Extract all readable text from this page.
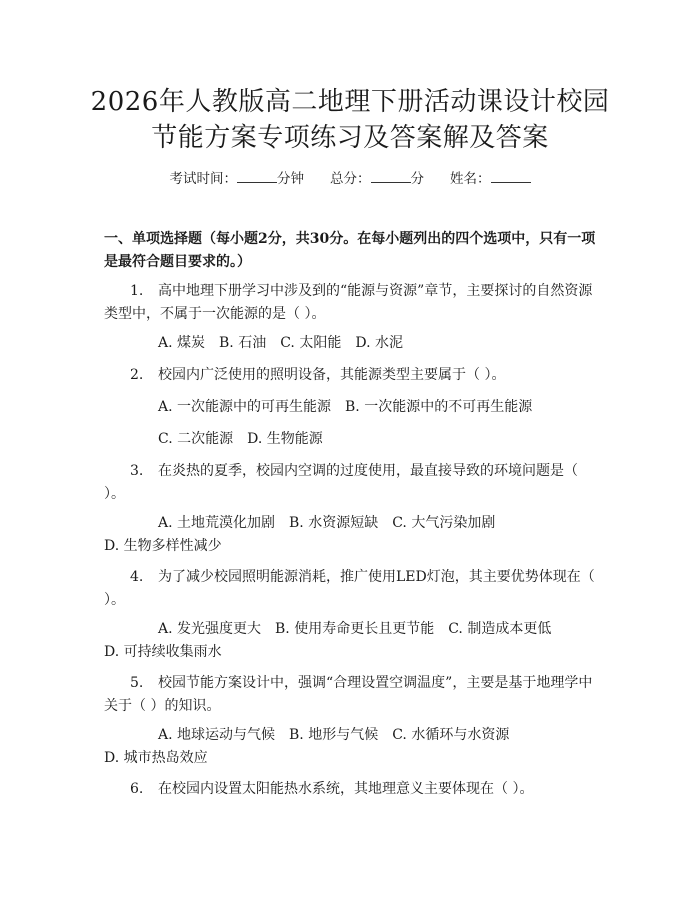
2026年人教版高二地理下册活动课设计校园
节能方案专项练习及答案解及答案
考试时间：	分钟 总分：	分 姓名：
一、单项选择题（每小题2分，共30分。在每小题列出的四个选项中，只有一项是最符合题目要求的。）
1. 高中地理下册学习中涉及到的“能源与资源”章节，主要探讨的自然资源类型中，不属于一次能源的是（ ）。
A. 煤炭 B. 石油 C. 太阳能 D. 水泥
2. 校园内广泛使用的照明设备，其能源类型主要属于（ ）。
A. 一次能源中的可再生能源 B. 一次能源中的不可再生能源
C. 二次能源 D. 生物能源
3. 在炎热的夏季，校园内空调的过度使用，最直接导致的环境问题是（ ）。
A. 土地荒漠化加剧 B. 水资源短缺 C. 大气污染加剧D. 生物多样性减少
4. 为了减少校园照明能源消耗，推广使用LED灯泡，其主要优势体现在（ ）。
A. 发光强度更大 B. 使用寿命更长且更节能 C. 制造成本更低D. 可持续收集雨水
5. 校园节能方案设计中，强调“合理设置空调温度”，主要是基于地理学中关于（ ）的知识。
A. 地球运动与气候 B. 地形与气候 C. 水循环与水资源D. 城市热岛效应
6. 在校园内设置太阳能热水系统，其地理意义主要体现在（ ）。
